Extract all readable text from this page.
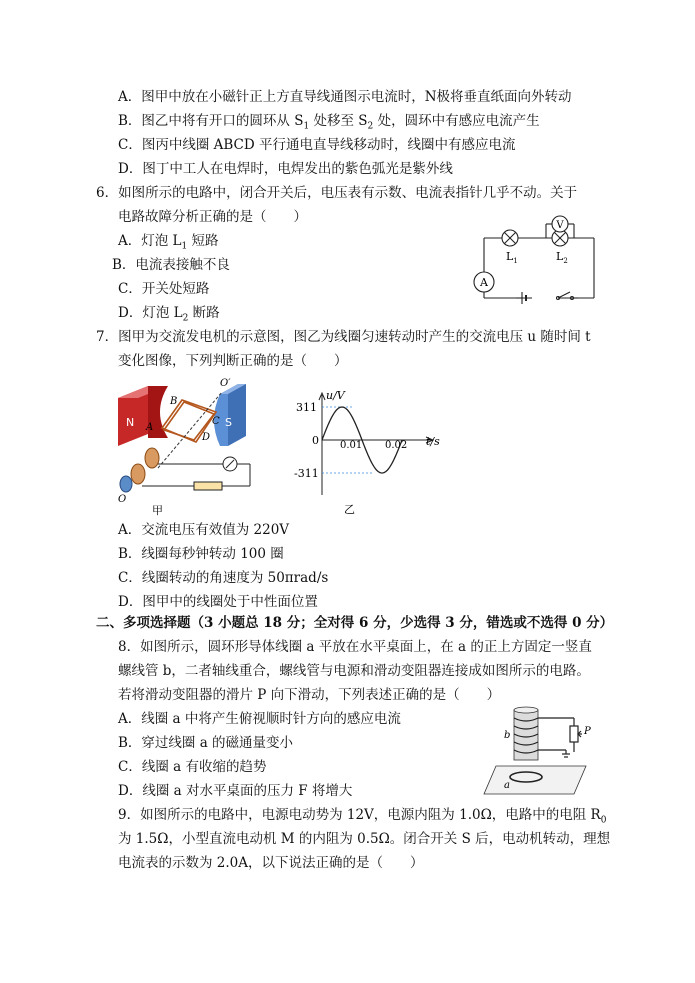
A．图甲中放在小磁针正上方直导线通图示电流时，N极将垂直纸面向外转动
B．图乙中将有开口的圆环从 $S_1$ 处移至 $S_2$ 处，圆环中有感应电流产生
C．图丙中线圈 ABCD 平行通电直导线移动时，线圈中有感应电流
D．图丁中工人在电焊时，电焊发出的紫色弧光是紫外线
6．如图所示的电路中，闭合开关后，电压表有示数、电流表指针几乎不动。关于
电路故障分析正确的是（　　）
A．灯泡 $L_1$ 短路
B．电流表接触不良
C．开关处短路
D．灯泡 $L_2$ 断路
V
A
$L_1$	$L_2$
7．图甲为交流发电机的示意图，图乙为线圈匀速转动时产生的交流电压 u 随时间 t
变化图像，下列判断正确的是（　　）
N	S
B
A
C
D
O′
O
甲
u/V
t/s
311
-311
0 0.01 0.02
乙
A．交流电压有效值为 220V
B．线圈每秒钟转动 100 圈
C．线圈转动的角速度为 50πrad/s
D．图甲中的线圈处于中性面位置
二、多项选择题（3 小题总 18 分；全对得 6 分，少选得 3 分，错选或不选得 0 分）
8．如图所示，圆环形导体线圈 a 平放在水平桌面上，在 a 的正上方固定一竖直
螺线管 b，二者轴线重合，螺线管与电源和滑动变阻器连接成如图所示的电路。
若将滑动变阻器的滑片 P 向下滑动，下列表述正确的是（　　）
A．线圈 a 中将产生俯视顺时针方向的感应电流
B．穿过线圈 a 的磁通量变小
C．线圈 a 有收缩的趋势
D．线圈 a 对水平桌面的压力 F 将增大
b
a
P
9．如图所示的电路中，电源电动势为 12V，电源内阻为 1.0Ω，电路中的电阻 $R_0$
为 1.5Ω，小型直流电动机 M 的内阻为 0.5Ω。闭合开关 S 后，电动机转动，理想
电流表的示数为 2.0A，以下说法正确的是（　　）
